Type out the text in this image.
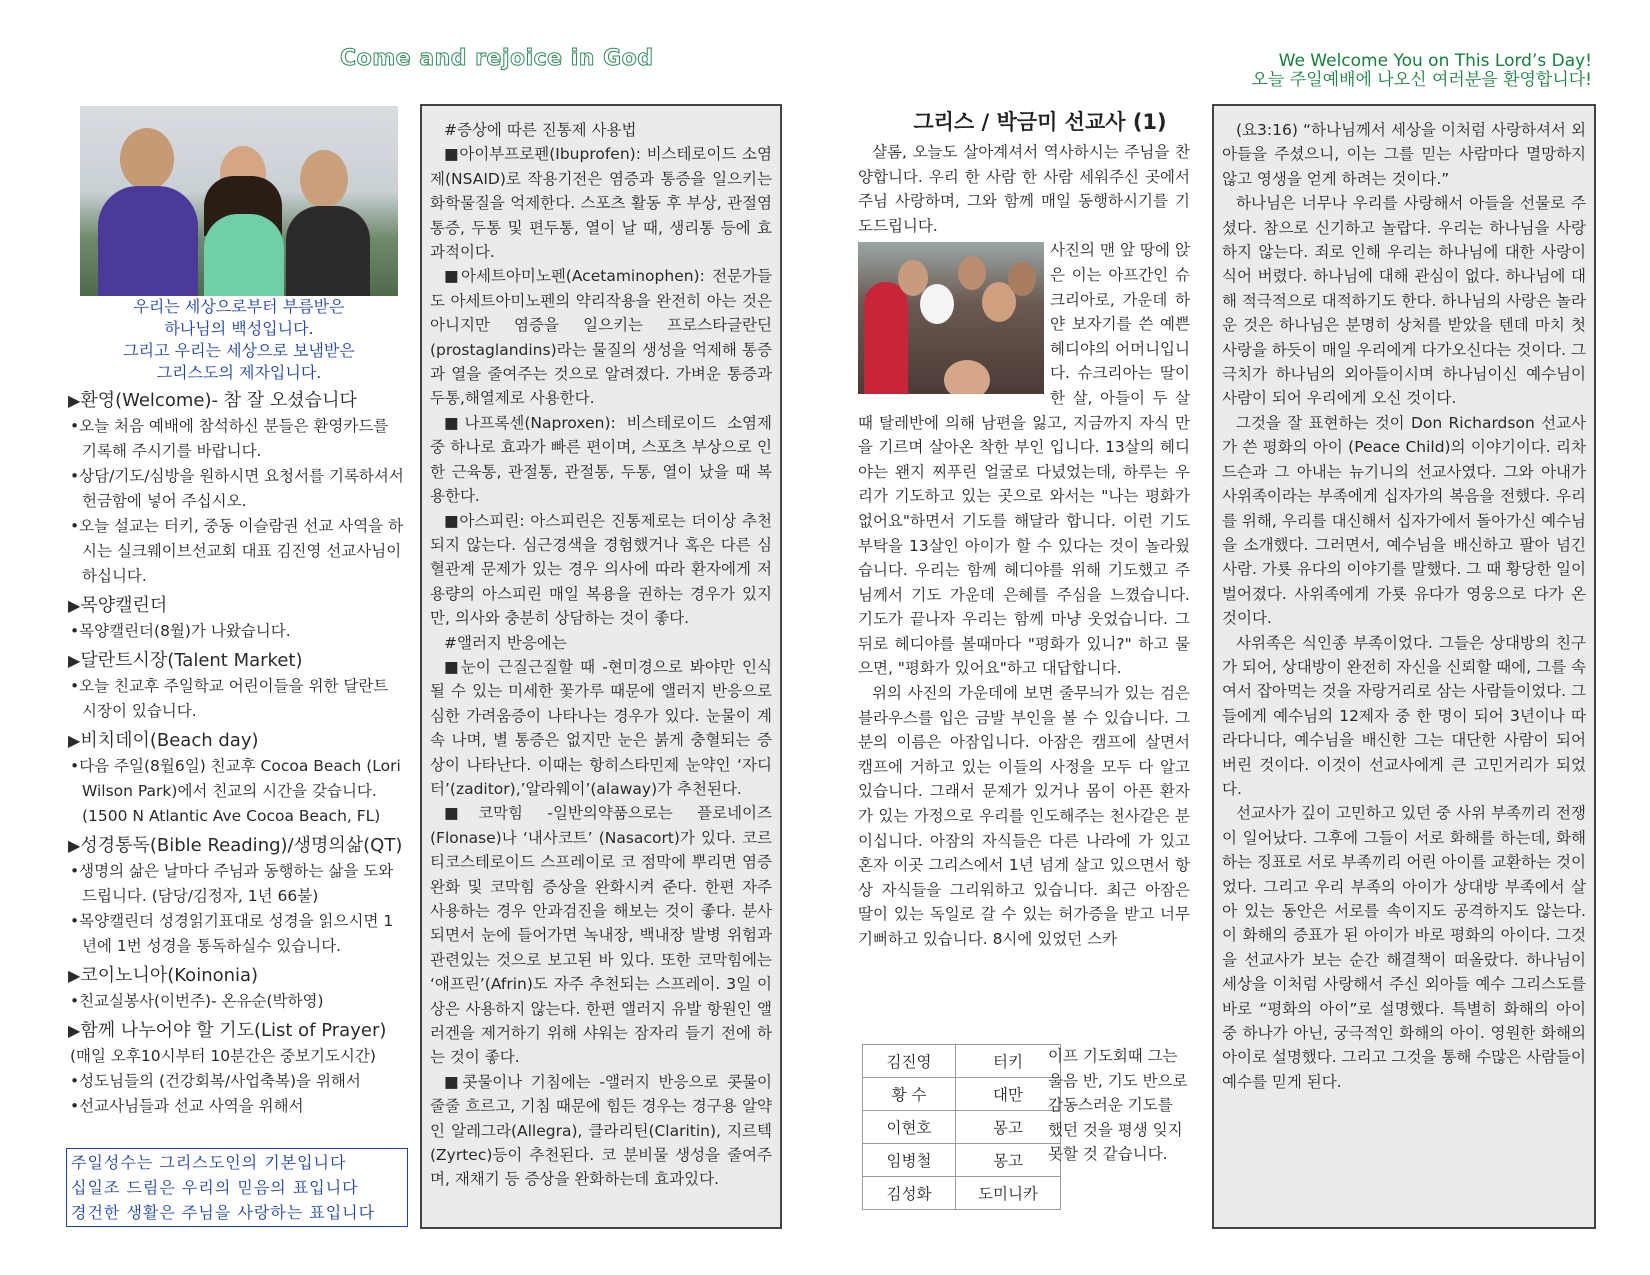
Come and rejoice in God	We Welcome You on This Lord’s Day!
오늘 주일예배에 나오신 여러분을 환영합니다!
우리는 세상으로부터 부름받은
하나님의 백성입니다.
그리고 우리는 세상으로 보냄받은
그리스도의 제자입니다.
▶환영(Welcome)- 참 잘 오셨습니다
•오늘 처음 예배에 참석하신 분들은 환영카드를 기록해 주시기를 바랍니다.
•상담/기도/심방을 원하시면 요청서를 기록하셔서 헌금함에 넣어 주십시오.
•오늘 설교는 터키, 중동 이슬람권 선교 사역을 하시는 실크웨이브선교회 대표 김진영 선교사님이 하십니다.
▶목양캘린더
•목양캘린더(8월)가 나왔습니다.
▶달란트시장(Talent Market)
•오늘 친교후 주일학교 어린이들을 위한 달란트 시장이 있습니다.
▶비치데이(Beach day)
•다음 주일(8월6일) 친교후 Cocoa Beach (Lori Wilson Park)에서 친교의 시간을 갖습니다.(1500 N Atlantic Ave Cocoa Beach, FL)
▶성경통독(Bible Reading)/생명의삶(QT)
•생명의 삶은 날마다 주님과 동행하는 삶을 도와드립니다. (담당/김정자, 1년 66불)
•목양캘린더 성경읽기표대로 성경을 읽으시면 1년에 1번 성경을 통독하실수 있습니다.
▶코이노니아(Koinonia)
•친교실봉사(이번주)- 온유순(박하영)
▶함께 나누어야 할 기도(List of Prayer)
(매일 오후10시부터 10분간은 중보기도시간)
•성도님들의 (건강회복/사업축복)을 위해서
•선교사님들과 선교 사역을 위해서
주일성수는 그리스도인의 기본입니다
십일조 드림은 우리의 믿음의 표입니다
경건한 생활은 주님을 사랑하는 표입니다

#증상에 따른 진통제 사용법

■아이부프로펜(Ibuprofen): 비스테로이드 소염제(NSAID)로 작용기전은 염증과 통증을 일으키는 화학물질을 억제한다. 스포츠 활동 후 부상, 관절염 통증, 두통 및 편두통, 열이 날 때, 생리통 등에 효과적이다.

■아세트아미노펜(Acetaminophen): 전문가들도 아세트아미노펜의 약리작용을 완전히 아는 것은 아니지만 염증을 일으키는 프로스타글란딘(prostaglandins)라는 물질의 생성을 억제해 통증과 열을 줄여주는 것으로 알려졌다. 가벼운 통증과 두통,해열제로 사용한다.

■나프록센(Naproxen): 비스테로이드 소염제 중 하나로 효과가 빠른 편이며, 스포츠 부상으로 인한 근육통, 관절통, 관절통, 두통, 열이 났을 때 복용한다.

■아스피린: 아스피린은 진통제로는 더이상 추천되지 않는다. 심근경색을 경험했거나 혹은 다른 심혈관계 문제가 있는 경우 의사에 따라 환자에게 저용량의 아스피린 매일 복용을 권하는 경우가 있지만, 의사와 충분히 상담하는 것이 좋다.

#앨러지 반응에는

■눈이 근질근질할 때 -현미경으로 봐야만 인식될 수 있는 미세한 꽃가루 때문에 앨러지 반응으로 심한 가려움증이 나타나는 경우가 있다. 눈물이 계속 나며, 별 통증은 없지만 눈은 붉게 충혈되는 증상이 나타난다. 이때는 항히스타민제 눈약인 ‘자디터’(zaditor),’알라웨이’(alaway)가 추천된다.

■코막힘 -일반의약품으로는 플로네이즈(Flonase)나 ‘내사코트’ (Nasacort)가 있다. 코르티코스테로이드 스프레이로 코 점막에 뿌리면 염증완화 및 코막힘 증상을 완화시켜 준다. 한편 자주 사용하는 경우 안과검진을 해보는 것이 좋다. 분사되면서 눈에 들어가면 녹내장, 백내장 발병 위험과 관련있는 것으로 보고된 바 있다. 또한 코막힘에는 ‘애프린’(Afrin)도 자주 추천되는 스프레이. 3일 이상은 사용하지 않는다. 한편 앨러지 유발 항원인 앨러겐을 제거하기 위해 샤워는 잠자리 들기 전에 하는 것이 좋다.

■콧물이나 기침에는 -앨러지 반응으로 콧물이 줄줄 흐르고, 기침 때문에 힘든 경우는 경구용 알약인 알레그라(Allegra), 클라리틴(Claritin), 지르텍(Zyrtec)등이 추천된다. 코 분비물 생성을 줄여주며, 재채기 등 증상을 완화하는데 효과있다.

그리스 / 박금미 선교사 (1)

샬롬, 오늘도 살아계셔서 역사하시는 주님을 찬양합니다. 우리 한 사람 한 사람 세워주신 곳에서 주님 사랑하며, 그와 함께 매일 동행하시기를 기도드립니다.

사진의 맨 앞 땅에 앉은 이는 아프간인 슈크리아로, 가운데 하얀 보자기를 쓴 예쁜 헤디야의 어머니입니다. 슈크리아는 딸이 한 살, 아들이 두 살 때 탈레반에 의해 남편을 잃고, 지금까지 자식 만을 기르며 살아온 착한 부인 입니다. 13살의 헤디야는 왠지 찌푸린 얼굴로 다녔었는데, 하루는 우리가 기도하고 있는 곳으로 와서는 "나는 평화가 없어요"하면서 기도를 해달라 합니다. 이런 기도 부탁을 13살인 아이가 할 수 있다는 것이 놀라웠습니다. 우리는 함께 헤디야를 위해 기도했고 주님께서 기도 가운데 은혜를 주심을 느꼈습니다. 기도가 끝나자 우리는 함께 마냥 웃었습니다. 그뒤로 헤디야를 볼때마다 "평화가 있니?" 하고 물으면, "평화가 있어요"하고 대답합니다.

위의 사진의 가운데에 보면 줄무늬가 있는 검은 블라우스를 입은 금발 부인을 볼 수 있습니다. 그분의 이름은 아잠입니다. 아잠은 캠프에 살면서 캠프에 거하고 있는 이들의 사정을 모두 다 알고 있습니다. 그래서 문제가 있거나 몸이 아픈 환자가 있는 가정으로 우리를 인도해주는 천사같은 분이십니다. 아잠의 자식들은 다른 나라에 가 있고 혼자 이곳 그리스에서 1년 넘게 살고 있으면서 항상 자식들을 그리워하고 있습니다. 최근 아잠은 딸이 있는 독일로 갈 수 있는 허가증을 받고 너무 기뻐하고 있습니다. 8시에 있었던 스카

김진영	터키
황 수	대만
이현호	몽고
임병철	몽고
김성화	도미니카
이프 기도회때 그는 울음 반, 기도 반으로 감동스러운 기도를 했던 것을 평생 잊지 못할 것 같습니다.

(요3:16) “하나님께서 세상을 이처럼 사랑하셔서 외아들을 주셨으니, 이는 그를 믿는 사람마다 멸망하지 않고 영생을 얻게 하려는 것이다.”

하나님은 너무나 우리를 사랑해서 아들을 선물로 주셨다. 참으로 신기하고 놀랍다. 우리는 하나님을 사랑하지 않는다. 죄로 인해 우리는 하나님에 대한 사랑이 식어 버렸다. 하나님에 대해 관심이 없다. 하나님에 대해 적극적으로 대적하기도 한다. 하나님의 사랑은 놀라운 것은 하나님은 분명히 상처를 받았을 텐데 마치 첫사랑을 하듯이 매일 우리에게 다가오신다는 것이다. 그 극치가 하나님의 외아들이시며 하나님이신 예수님이 사람이 되어 우리에게 오신 것이다.

그것을 잘 표현하는 것이 Don Richardson 선교사가 쓴 평화의 아이 (Peace Child)의 이야기이다. 리차드슨과 그 아내는 뉴기니의 선교사였다. 그와 아내가 사위족이라는 부족에게 십자가의 복음을 전했다. 우리를 위해, 우리를 대신해서 십자가에서 돌아가신 예수님을 소개했다. 그러면서, 예수님을 배신하고 팔아 넘긴 사람. 가룟 유다의 이야기를 말했다. 그 때 황당한 일이 벌어졌다. 사위족에게 가룟 유다가 영웅으로 다가 온 것이다.

사위족은 식인종 부족이었다. 그들은 상대방의 친구가 되어, 상대방이 완전히 자신을 신뢰할 때에, 그를 속여서 잡아먹는 것을 자랑거리로 삼는 사람들이었다. 그들에게 예수님의 12제자 중 한 명이 되어 3년이나 따라다니다, 예수님을 배신한 그는 대단한 사람이 되어 버린 것이다. 이것이 선교사에게 큰 고민거리가 되었다.

선교사가 깊이 고민하고 있던 중 사위 부족끼리 전쟁이 일어났다. 그후에 그들이 서로 화해를 하는데, 화해하는 징표로 서로 부족끼리 어린 아이를 교환하는 것이었다. 그리고 우리 부족의 아이가 상대방 부족에서 살아 있는 동안은 서로를 속이지도 공격하지도 않는다. 이 화해의 증표가 된 아이가 바로 평화의 아이다. 그것을 선교사가 보는 순간 해결책이 떠올랐다. 하나님이 세상을 이처럼 사랑해서 주신 외아들 예수 그리스도를 바로 “평화의 아이”로 설명했다. 특별히 화해의 아이 중 하나가 아닌, 궁극적인 화해의 아이. 영원한 화해의 아이로 설명했다. 그리고 그것을 통해 수많은 사람들이 예수를 믿게 된다.
